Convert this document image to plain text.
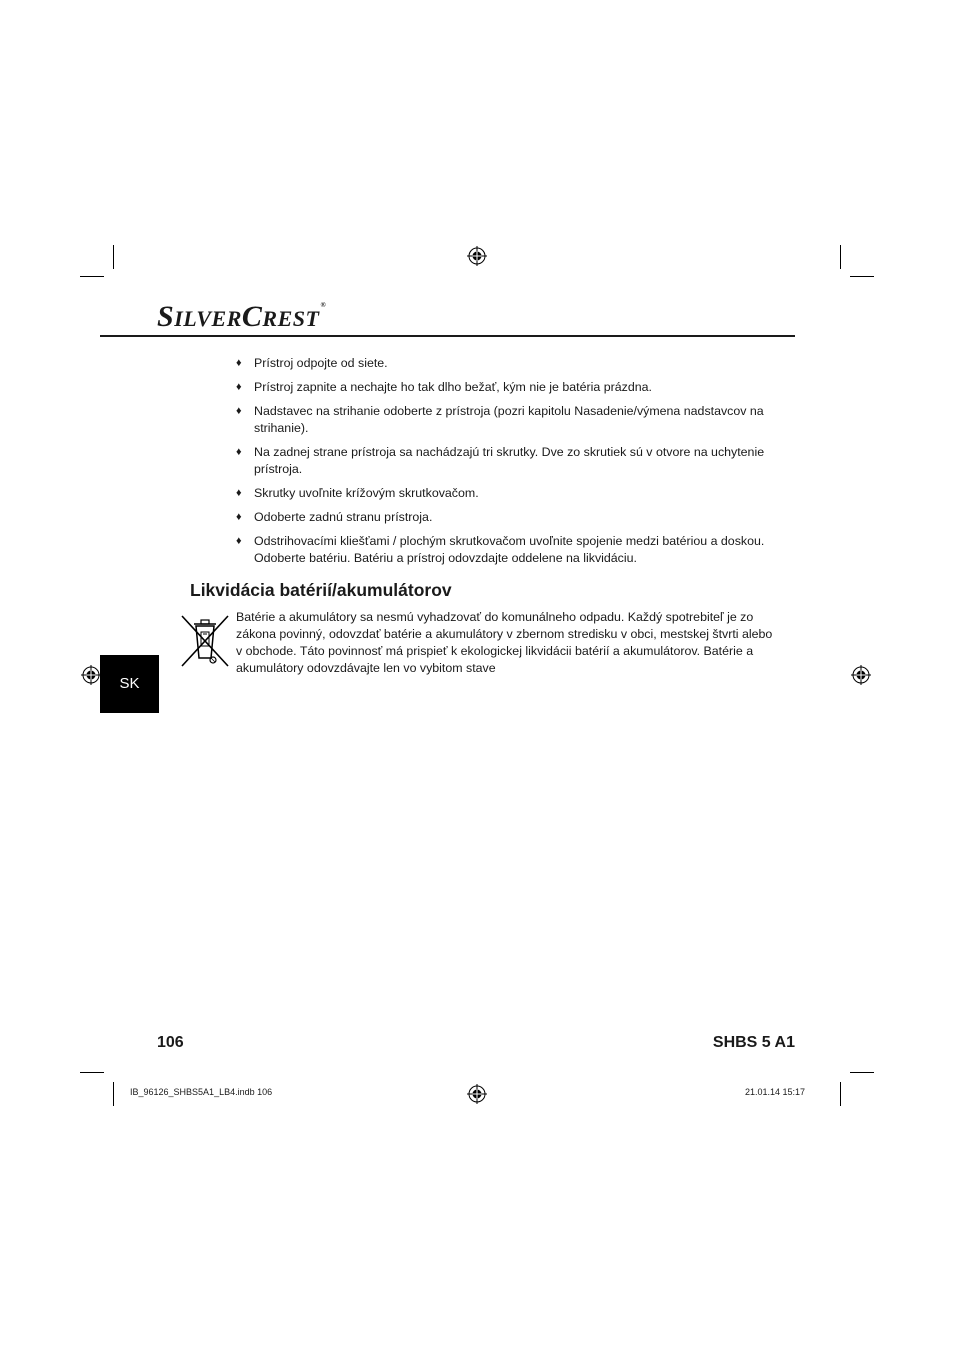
SILVERCREST®
♦ Prístroj odpojte od siete.
♦ Prístroj zapnite a nechajte ho tak dlho bežať, kým nie je batéria prázdna.
♦ Nadstavec na strihanie odoberte z prístroja (pozri kapitolu Nasadenie/výmena nadstavcov na strihanie).
♦ Na zadnej strane prístroja sa nachádzajú tri skrutky. Dve zo skrutiek sú v otvore na uchytenie prístroja.
♦ Skrutky uvoľnite krížovým skrutkovačom.
♦ Odoberte zadnú stranu prístroja.
♦ Odstrihovacími kliešťami / plochým skrutkovačom uvoľnite spojenie medzi batériou a doskou. Odoberte batériu. Batériu a prístroj odovzdajte oddelene na likvidáciu.
Likvidácia batérií/akumulátorov

Batérie a akumulátory sa nesmú vyhadzovať do komunálneho odpadu. Každý spotrebiteľ je zo zákona povinný, odovzdať batérie a akumulátory v zbernom stredisku v obci, mestskej štvrti alebo v obchode. Táto povinnosť má prispieť k ekologickej likvidácii batérií a akumulátorov. Batérie a akumulátory odovzdávajte len vo vybitom stave

SK
106	SHBS 5 A1
IB_96126_SHBS5A1_LB4.indb 106	21.01.14 15:17
